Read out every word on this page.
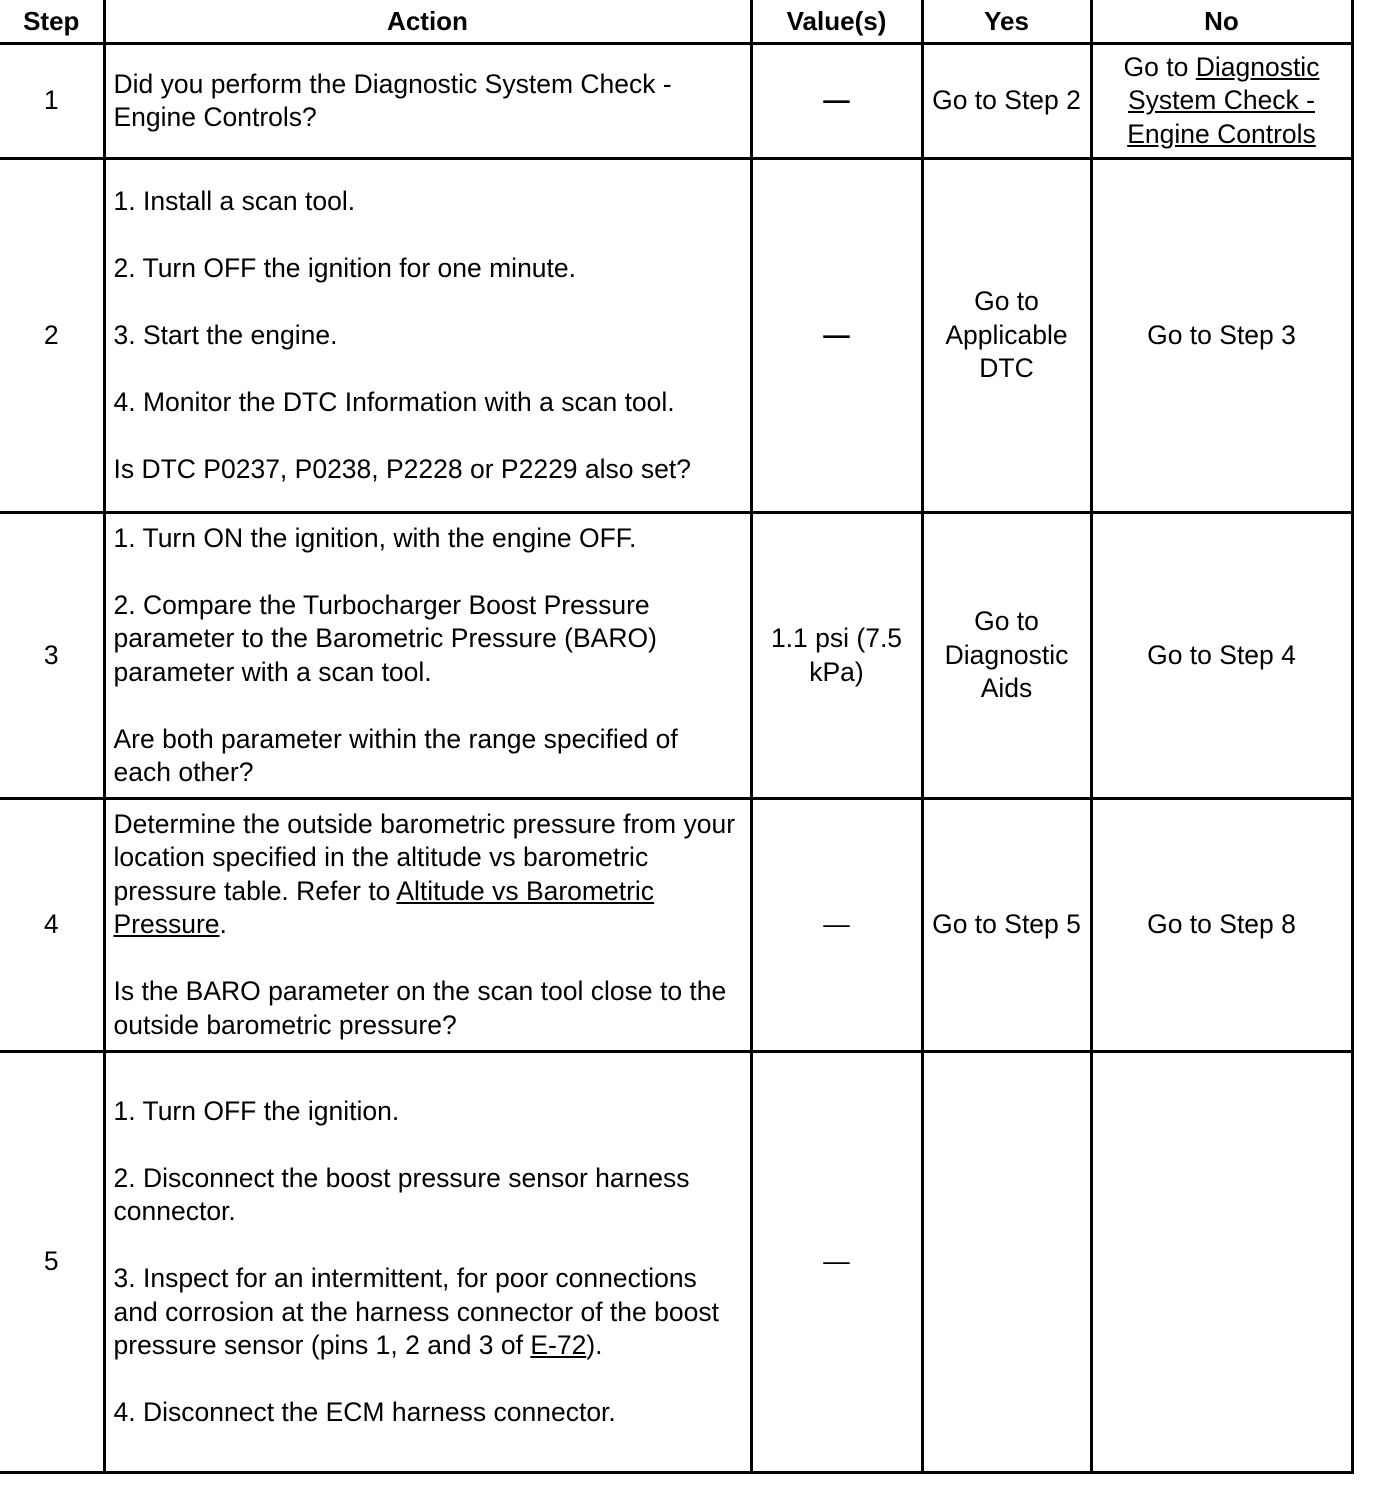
Step	Action	Value(s)	Yes	No
1	Did you perform the Diagnostic System Check - Engine Controls?	—	Go to Step 2	Go to Diagnostic System Check - Engine Controls
2	1. Install a scan tool.

2. Turn OFF the ignition for one minute.

3. Start the engine.

4. Monitor the DTC Information with a scan tool.

Is DTC P0237, P0238, P2228 or P2229 also set?	—	Go to Applicable DTC	Go to Step 3
3	1. Turn ON the ignition, with the engine OFF.

2. Compare the Turbocharger Boost Pressure parameter to the Barometric Pressure (BARO) parameter with a scan tool.

Are both parameter within the range specified of each other?	1.1 psi (7.5 kPa)	Go to Diagnostic Aids	Go to Step 4
4	Determine the outside barometric pressure from your location specified in the altitude vs barometric pressure table. Refer to Altitude vs Barometric Pressure.

Is the BARO parameter on the scan tool close to the outside barometric pressure?	—	Go to Step 5	Go to Step 8
5	1. Turn OFF the ignition.

2. Disconnect the boost pressure sensor harness connector.

3. Inspect for an intermittent, for poor connections and corrosion at the harness connector of the boost pressure sensor (pins 1, 2 and 3 of E-72).

4. Disconnect the ECM harness connector.	—		
